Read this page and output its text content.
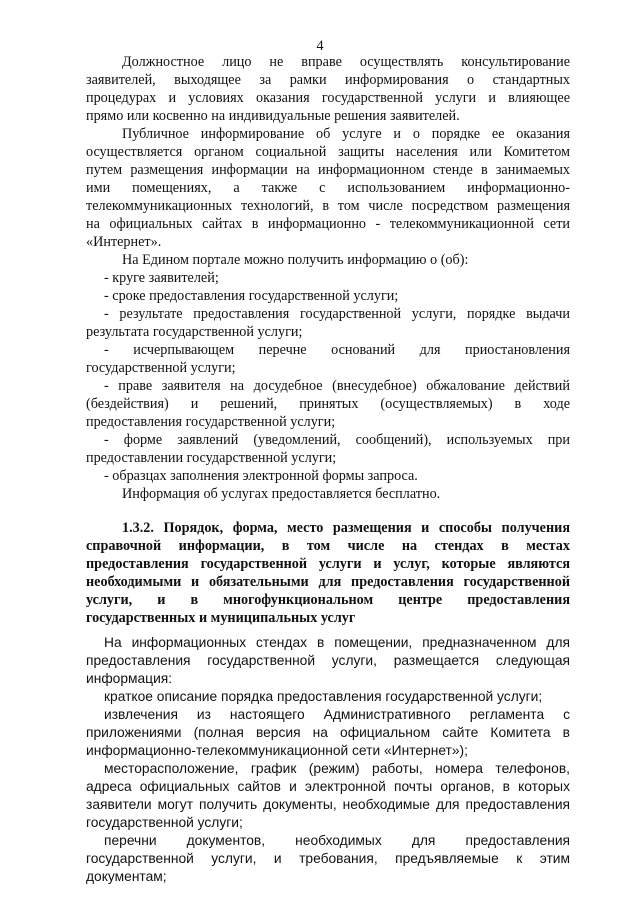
4
Должностное лицо не вправе осуществлять консультирование
заявителей, выходящее за рамки информирования о стандартных
процедурах и условиях оказания государственной услуги и влияющее
прямо или косвенно на индивидуальные решения заявителей.
Публичное информирование об услуге и о порядке ее оказания
осуществляется органом социальной защиты населения или Комитетом
путем размещения информации на информационном стенде в занимаемых
ими помещениях, а также с использованием информационно-
телекоммуникационных технологий, в том числе посредством размещения
на официальных сайтах в информационно - телекоммуникационной сети
«Интернет».
На Едином портале можно получить информацию о (об):
- круге заявителей;
- сроке предоставления государственной услуги;
- результате предоставления государственной услуги, порядке выдачи
результата государственной услуги;
- исчерпывающем перечне оснований для приостановления
государственной услуги;
- праве заявителя на досудебное (внесудебное) обжалование действий
(бездействия) и решений, принятых (осуществляемых) в ходе
предоставления государственной услуги;
- форме заявлений (уведомлений, сообщений), используемых при
предоставлении государственной услуги;
- образцах заполнения электронной формы запроса.
Информация об услугах предоставляется бесплатно.
1.3.2. Порядок, форма, место размещения и способы получения
справочной информации, в том числе на стендах в местах
предоставления государственной услуги и услуг, которые являются
необходимыми и обязательными для предоставления государственной
услуги, и в многофункциональном центре предоставления
государственных и муниципальных услуг
На информационных стендах в помещении, предназначенном для
предоставления государственной услуги, размещается следующая
информация:
краткое описание порядка предоставления государственной услуги;
извлечения из настоящего Административного регламента с
приложениями (полная версия на официальном сайте Комитета в
информационно-телекоммуникационной сети «Интернет»);
месторасположение, график (режим) работы, номера телефонов,
адреса официальных сайтов и электронной почты органов, в которых
заявители могут получить документы, необходимые для предоставления
государственной услуги;
перечни документов, необходимых для предоставления
государственной услуги, и требования, предъявляемые к этим
документам;
